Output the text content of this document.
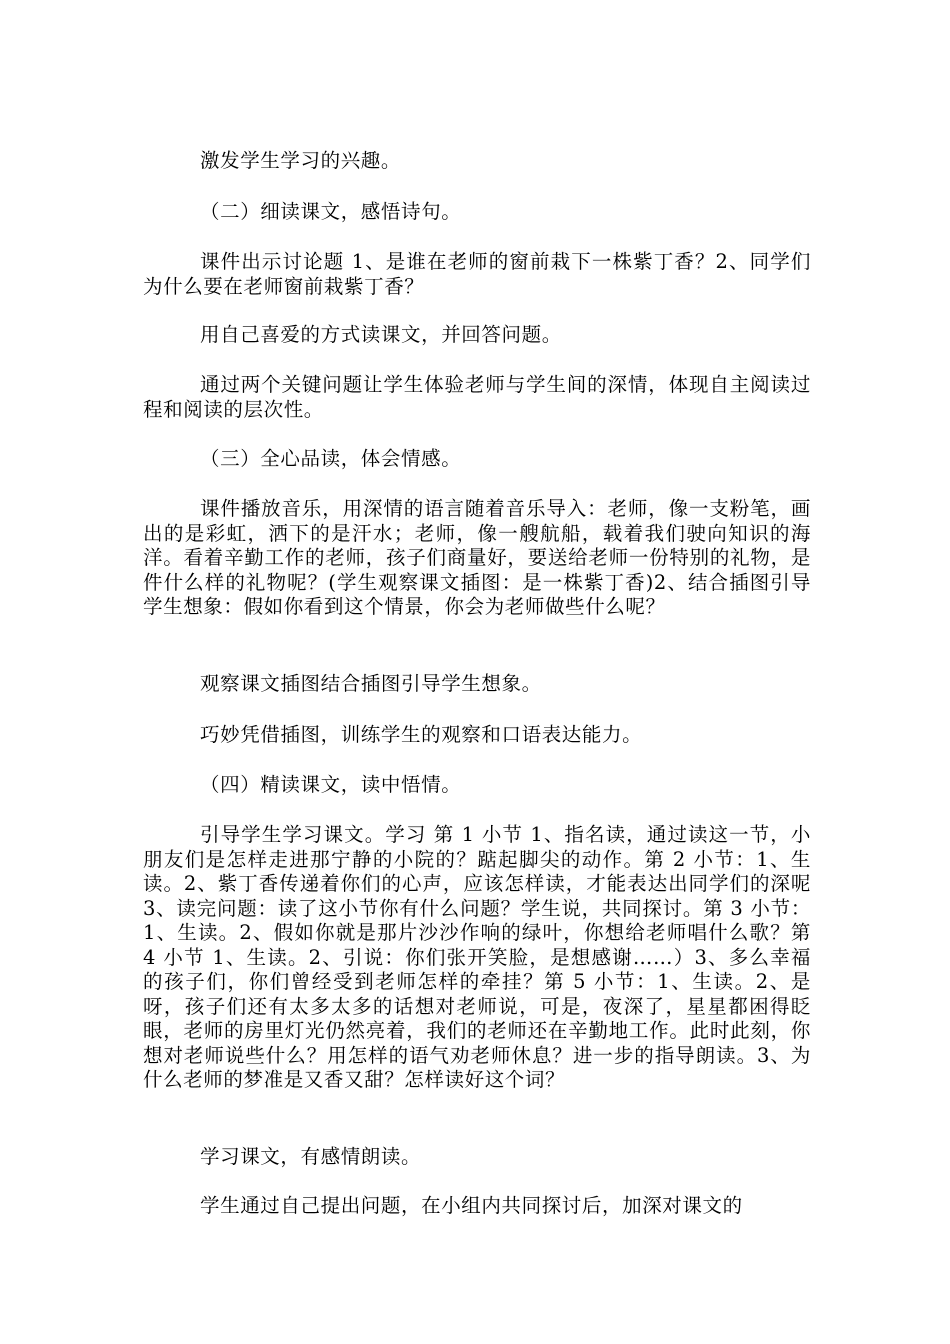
激发学生学习的兴趣。

（二）细读课文，感悟诗句。

课件出示讨论题 1、是谁在老师的窗前栽下一株紫丁香？2、同学们为什么要在老师窗前栽紫丁香？

用自己喜爱的方式读课文，并回答问题。

通过两个关键问题让学生体验老师与学生间的深情，体现自主阅读过程和阅读的层次性。

（三）全心品读，体会情感。

课件播放音乐，用深情的语言随着音乐导入：老师，像一支粉笔，画出的是彩虹，洒下的是汗水；老师，像一艘航船，载着我们驶向知识的海洋。看着辛勤工作的老师，孩子们商量好，要送给老师一份特别的礼物，是件什么样的礼物呢？(学生观察课文插图：是一株紫丁香)2、结合插图引导学生想象：假如你看到这个情景，你会为老师做些什么呢？

观察课文插图结合插图引导学生想象。

巧妙凭借插图，训练学生的观察和口语表达能力。

（四）精读课文，读中悟情。

引导学生学习课文。学习 第 1 小节 1、指名读，通过读这一节，小朋友们是怎样走进那宁静的小院的？踮起脚尖的动作。第 2 小节：1、生读。2、紫丁香传递着你们的心声，应该怎样读，才能表达出同学们的深呢 3、读完问题：读了这小节你有什么问题？学生说，共同探讨。第 3 小节：1、生读。2、假如你就是那片沙沙作响的绿叶，你想给老师唱什么歌？第 4 小节 1、生读。2、引说：你们张开笑脸，是想感谢……）3、多么幸福的孩子们，你们曾经受到老师怎样的牵挂？第 5 小节：1、生读。2、是呀，孩子们还有太多太多的话想对老师说，可是，夜深了，星星都困得眨眼，老师的房里灯光仍然亮着，我们的老师还在辛勤地工作。此时此刻，你想对老师说些什么？用怎样的语气劝老师休息？进一步的指导朗读。3、为什么老师的梦准是又香又甜？怎样读好这个词？

学习课文，有感情朗读。

学生通过自己提出问题，在小组内共同探讨后，加深对课文的
